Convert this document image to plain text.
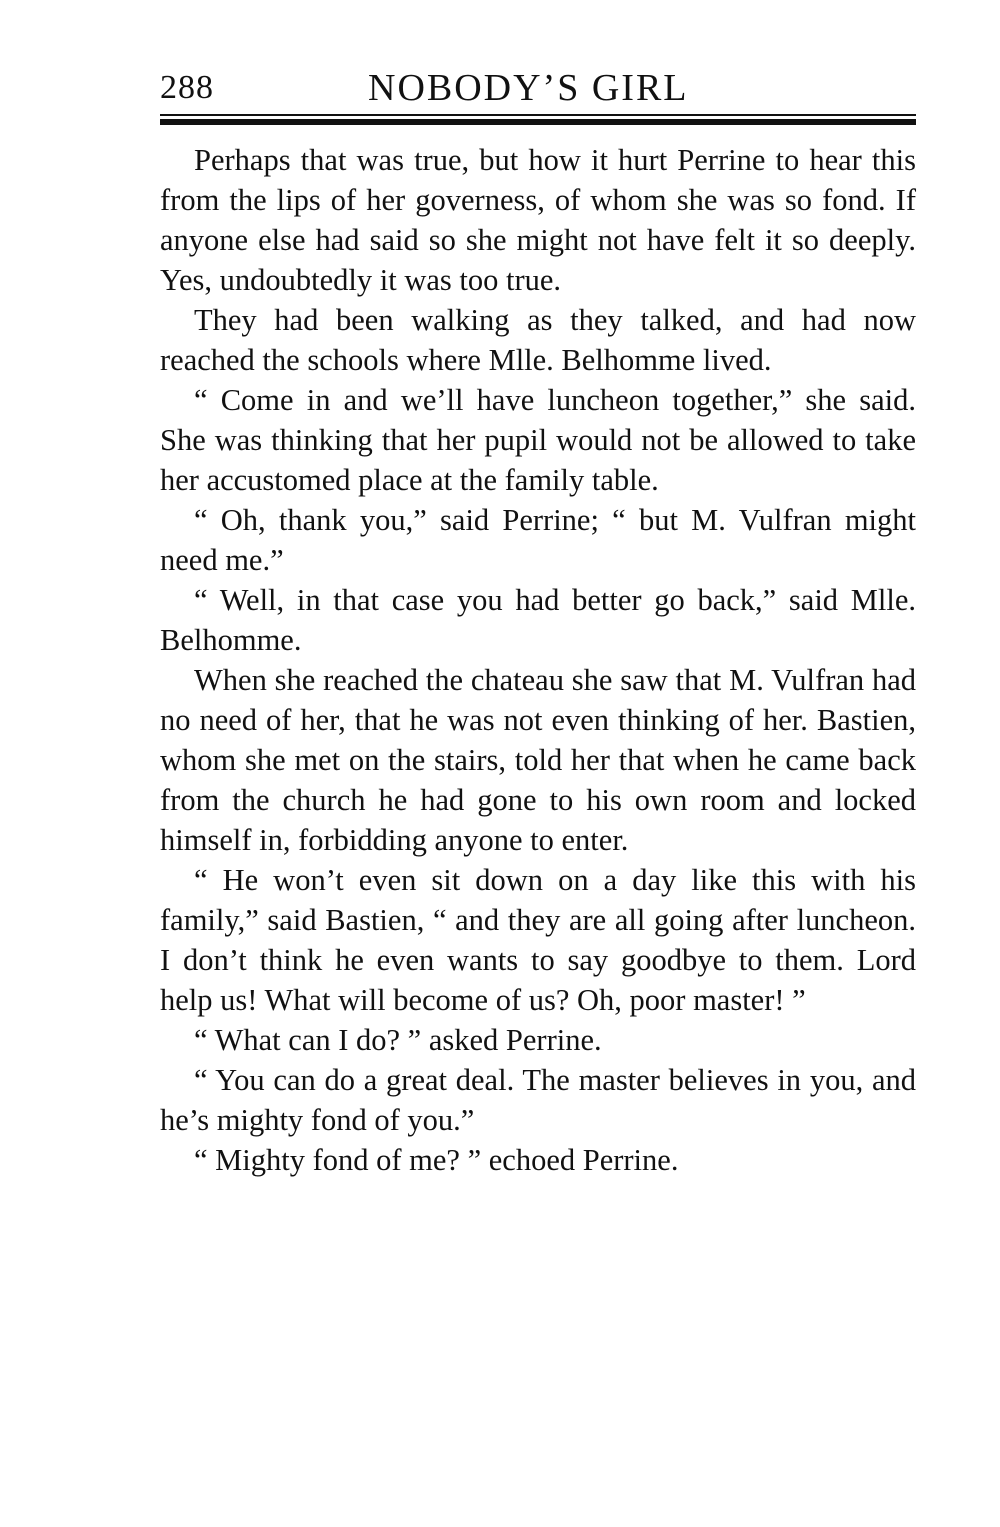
288	NOBODY’S GIRL

Perhaps that was true, but how it hurt Perrine to hear this from the lips of her governess, of whom she was so fond. If anyone else had said so she might not have felt it so deeply. Yes, undoubtedly it was too true.

They had been walking as they talked, and had now reached the schools where Mlle. Belhomme lived.

“ Come in and we’ll have luncheon together,” she said. She was thinking that her pupil would not be allowed to take her accustomed place at the family table.

“ Oh, thank you,” said Perrine; “ but M. Vulfran might need me.”

“ Well, in that case you had better go back,” said Mlle. Belhomme.

When she reached the chateau she saw that M. Vulfran had no need of her, that he was not even thinking of her. Bastien, whom she met on the stairs, told her that when he came back from the church he had gone to his own room and locked himself in, forbidding anyone to enter.

“ He won’t even sit down on a day like this with his family,” said Bastien, “ and they are all going after luncheon. I don’t think he even wants to say goodbye to them. Lord help us! What will become of us? Oh, poor master! ”

“ What can I do? ” asked Perrine.

“ You can do a great deal. The master believes in you, and he’s mighty fond of you.”

“ Mighty fond of me? ” echoed Perrine.
